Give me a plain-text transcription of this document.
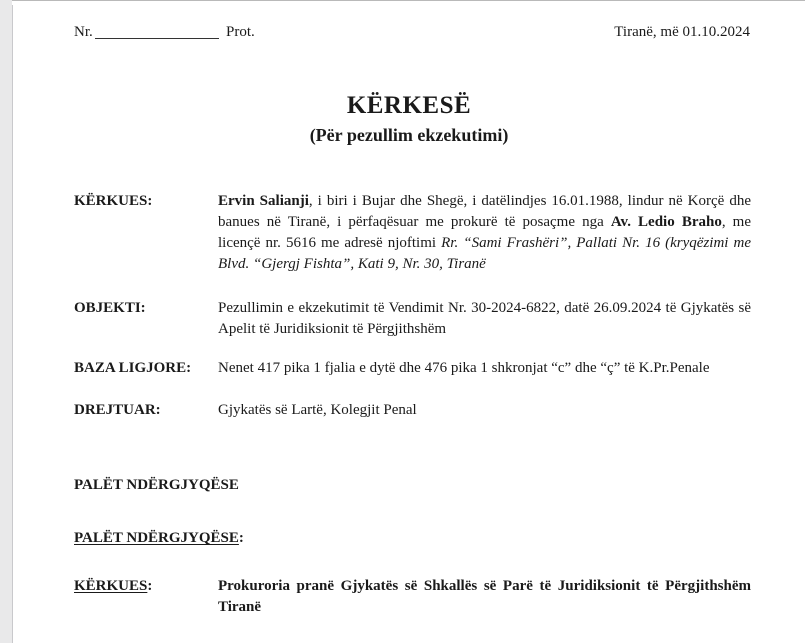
Nr.	Prot.	Tiranë, më 01.10.2024
KËRKESË
(Për pezullim ekzekutimi)
KËRKUES:	Ervin Salianji, i biri i Bujar dhe Shegë, i datëlindjes 16.01.1988, lindur në Korçë dhe banues në Tiranë, i përfaqësuar me prokurë të posaçme nga Av. Ledio Braho, me licençë nr. 5616 me adresë njoftimi Rr. “Sami Frashëri”, Pallati Nr. 16 (kryqëzimi me Blvd. “Gjergj Fishta”, Kati 9, Nr. 30, Tiranë
OBJEKTI:	Pezullimin e ekzekutimit të Vendimit Nr. 30-2024-6822, datë 26.09.2024 të Gjykatës së Apelit të Juridiksionit të Përgjithshëm
BAZA LIGJORE: Nenet 417 pika 1 fjalia e dytë dhe 476 pika 1 shkronjat “c” dhe “ç” të K.Pr.Penale
DREJTUAR:	Gjykatës së Lartë, Kolegjit Penal
PALËT NDËRGJYQËSE
PALËT NDËRGJYQËSE:
KËRKUES:	Prokuroria pranë Gjykatës së Shkallës së Parë të Juridiksionit të Përgjithshëm Tiranë
